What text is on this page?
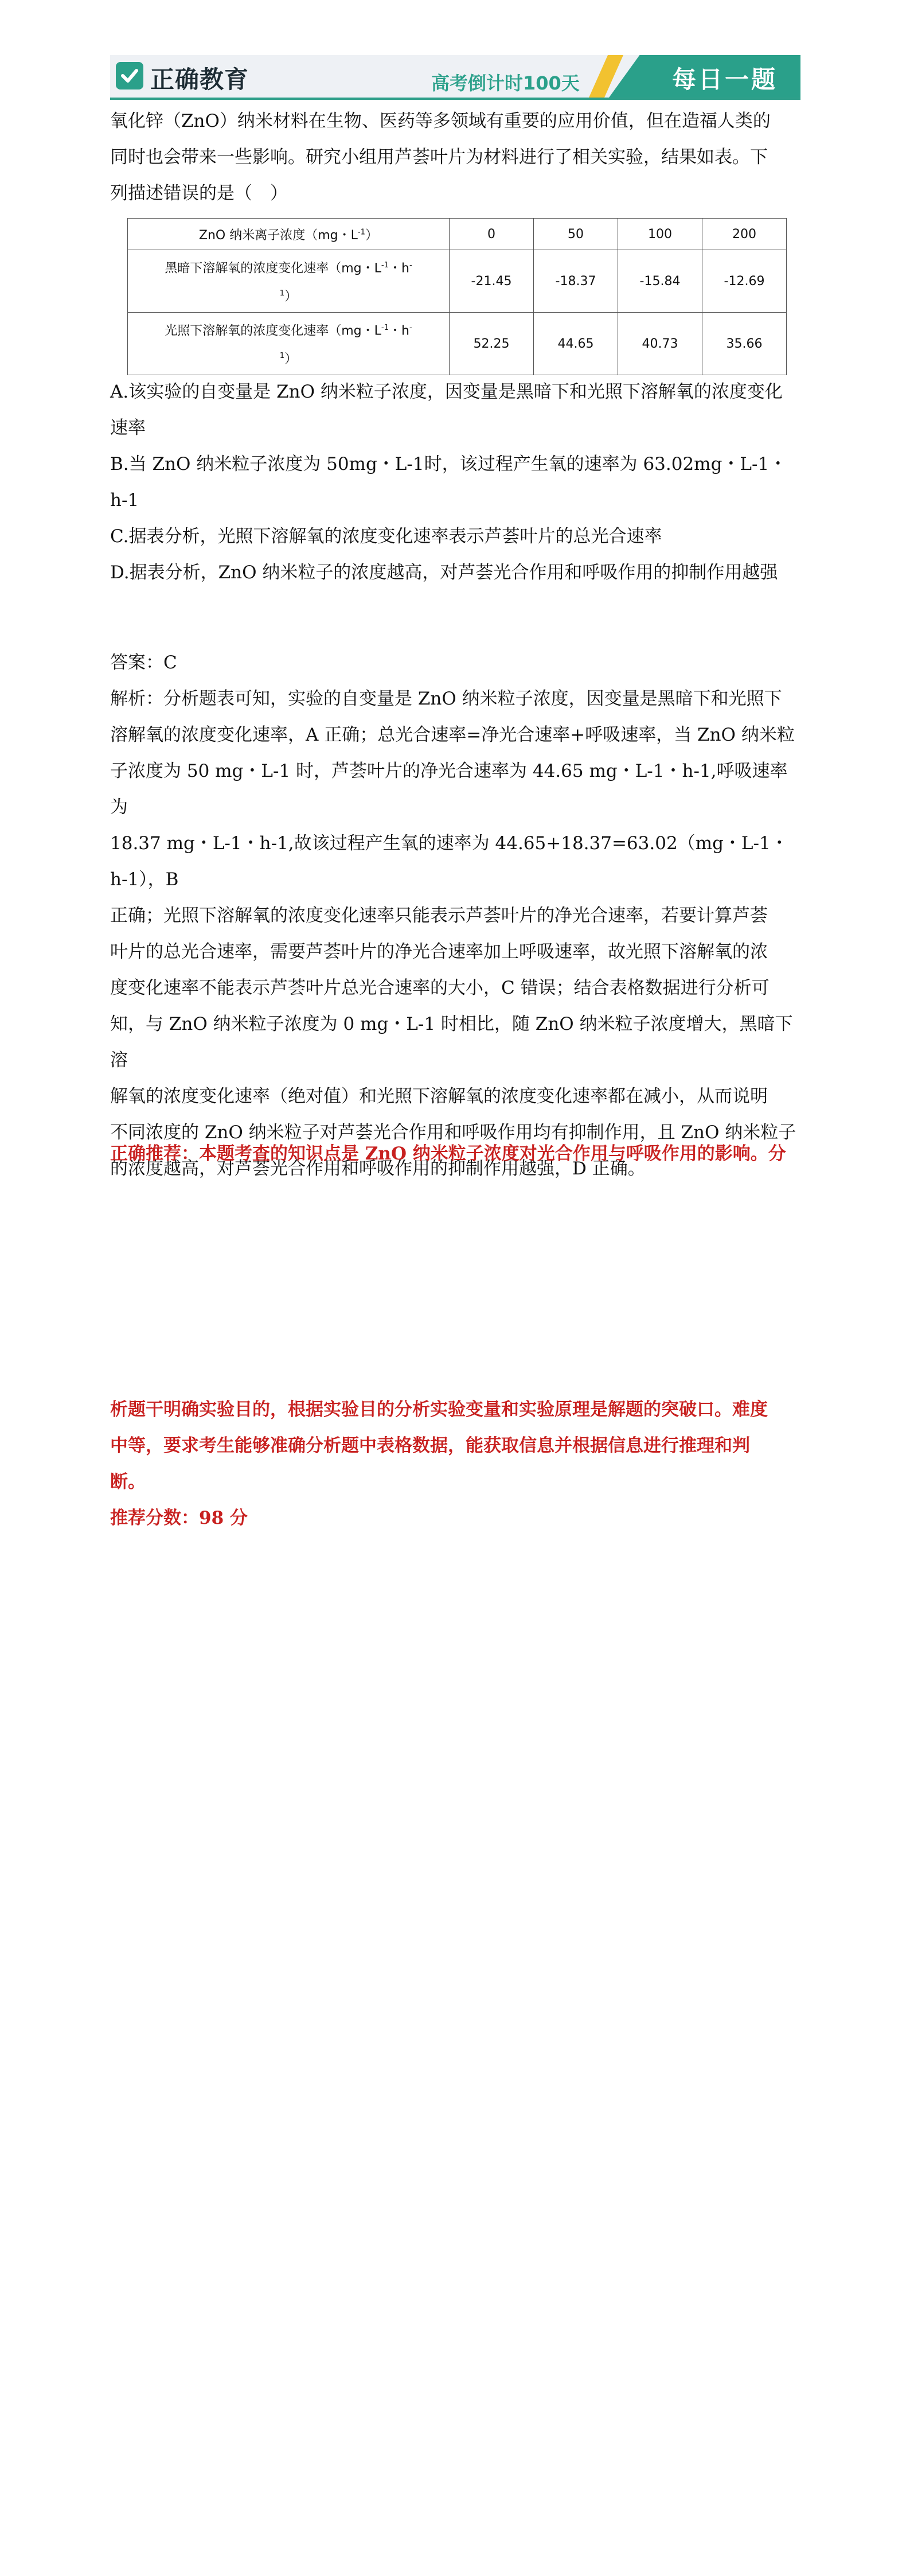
正确教育	高考倒计时100天	每日一题
氧化锌（ZnO）纳米材料在生物、医药等多领域有重要的应用价值，但在造福人类的
同时也会带来一些影响。研究小组用芦荟叶片为材料进行了相关实验，结果如表。下
列描述错误的是（　）
ZnO 纳米离子浓度（mg・$L^{-1}$）	0	50	100	200
黑暗下溶解氧的浓度变化速率（mg・$L^{-1}$・h-
$^1$）	-21.45	-18.37	-15.84	-12.69
光照下溶解氧的浓度变化速率（mg・$L^{-1}$・h-
$^1$）	52.25	44.65	40.73	35.66
A.该实验的自变量是 ZnO 纳米粒子浓度，因变量是黑暗下和光照下溶解氧的浓度变化
速率
B.当 ZnO 纳米粒子浓度为 50mg・L-1时，该过程产生氧的速率为 63.02mg・L-1・h-1
C.据表分析，光照下溶解氧的浓度变化速率表示芦荟叶片的总光合速率
D.据表分析，ZnO 纳米粒子的浓度越高，对芦荟光合作用和呼吸作用的抑制作用越强
答案：C
解析：分析题表可知，实验的自变量是 ZnO 纳米粒子浓度，因变量是黑暗下和光照下
溶解氧的浓度变化速率，A 正确；总光合速率=净光合速率+呼吸速率，当 ZnO 纳米粒
子浓度为 50 mg・L-1 时，芦荟叶片的净光合速率为 44.65 mg・L-1・h-1,呼吸速率为
18.37 mg・L-1・h-1,故该过程产生氧的速率为 44.65+18.37=63.02（mg・L-1・h-1），B
正确；光照下溶解氧的浓度变化速率只能表示芦荟叶片的净光合速率，若要计算芦荟
叶片的总光合速率，需要芦荟叶片的净光合速率加上呼吸速率，故光照下溶解氧的浓
度变化速率不能表示芦荟叶片总光合速率的大小，C 错误；结合表格数据进行分析可
知，与 ZnO 纳米粒子浓度为 0 mg・L-1 时相比，随 ZnO 纳米粒子浓度增大，黑暗下溶
解氧的浓度变化速率（绝对值）和光照下溶解氧的浓度变化速率都在减小，从而说明
不同浓度的 ZnO 纳米粒子对芦荟光合作用和呼吸作用均有抑制作用，且 ZnO 纳米粒子
的浓度越高，对芦荟光合作用和呼吸作用的抑制作用越强，D 正确。
正确推荐：本题考查的知识点是 ZnO 纳米粒子浓度对光合作用与呼吸作用的影响。分
析题干明确实验目的，根据实验目的分析实验变量和实验原理是解题的突破口。难度
中等，要求考生能够准确分析题中表格数据，能获取信息并根据信息进行推理和判
断。
推荐分数：98 分
